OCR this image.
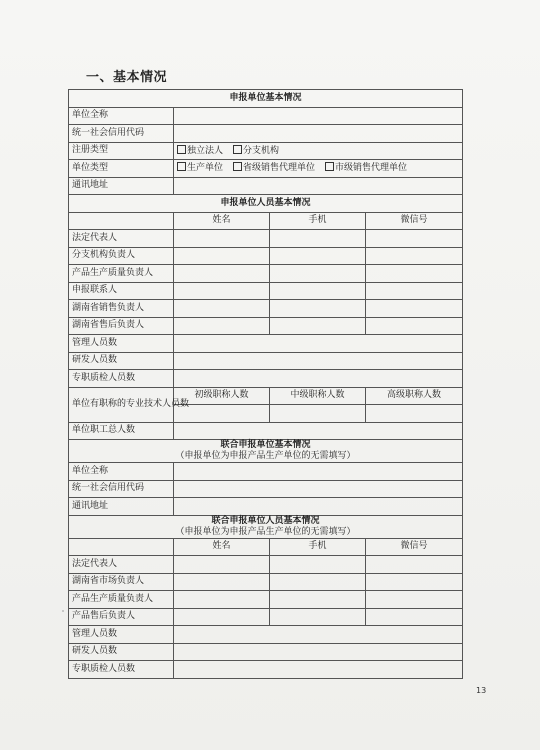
一、基本情况
申报单位基本情况			
单位全称			
统一社会信用代码			
注册类型	独立法人 分支机构		
单位类型	生产单位 省级销售代理单位 市级销售代理单位		
通讯地址			
申报单位人员基本情况			
	姓名	手机	微信号
法定代表人			
分支机构负责人			
产品生产质量负责人			
申报联系人			
湖南省销售负责人			
湖南省售后负责人			
管理人员数			
研发人员数			
专职质检人员数			
单位有职称的专业技术人员数	初级职称人数	中级职称人数	高级职称人数

单位职工总人数			
联合申报单位基本情况
（申报单位为申报产品生产单位的无需填写）			

单位全称			
统一社会信用代码			
通讯地址			
联合申报单位人员基本情况
（申报单位为申报产品生产单位的无需填写）			

	姓名	手机	微信号
法定代表人			
湖南省市场负责人			
产品生产质量负责人			
产品售后负责人			
管理人员数			
研发人员数			
专职质检人员数			
13
